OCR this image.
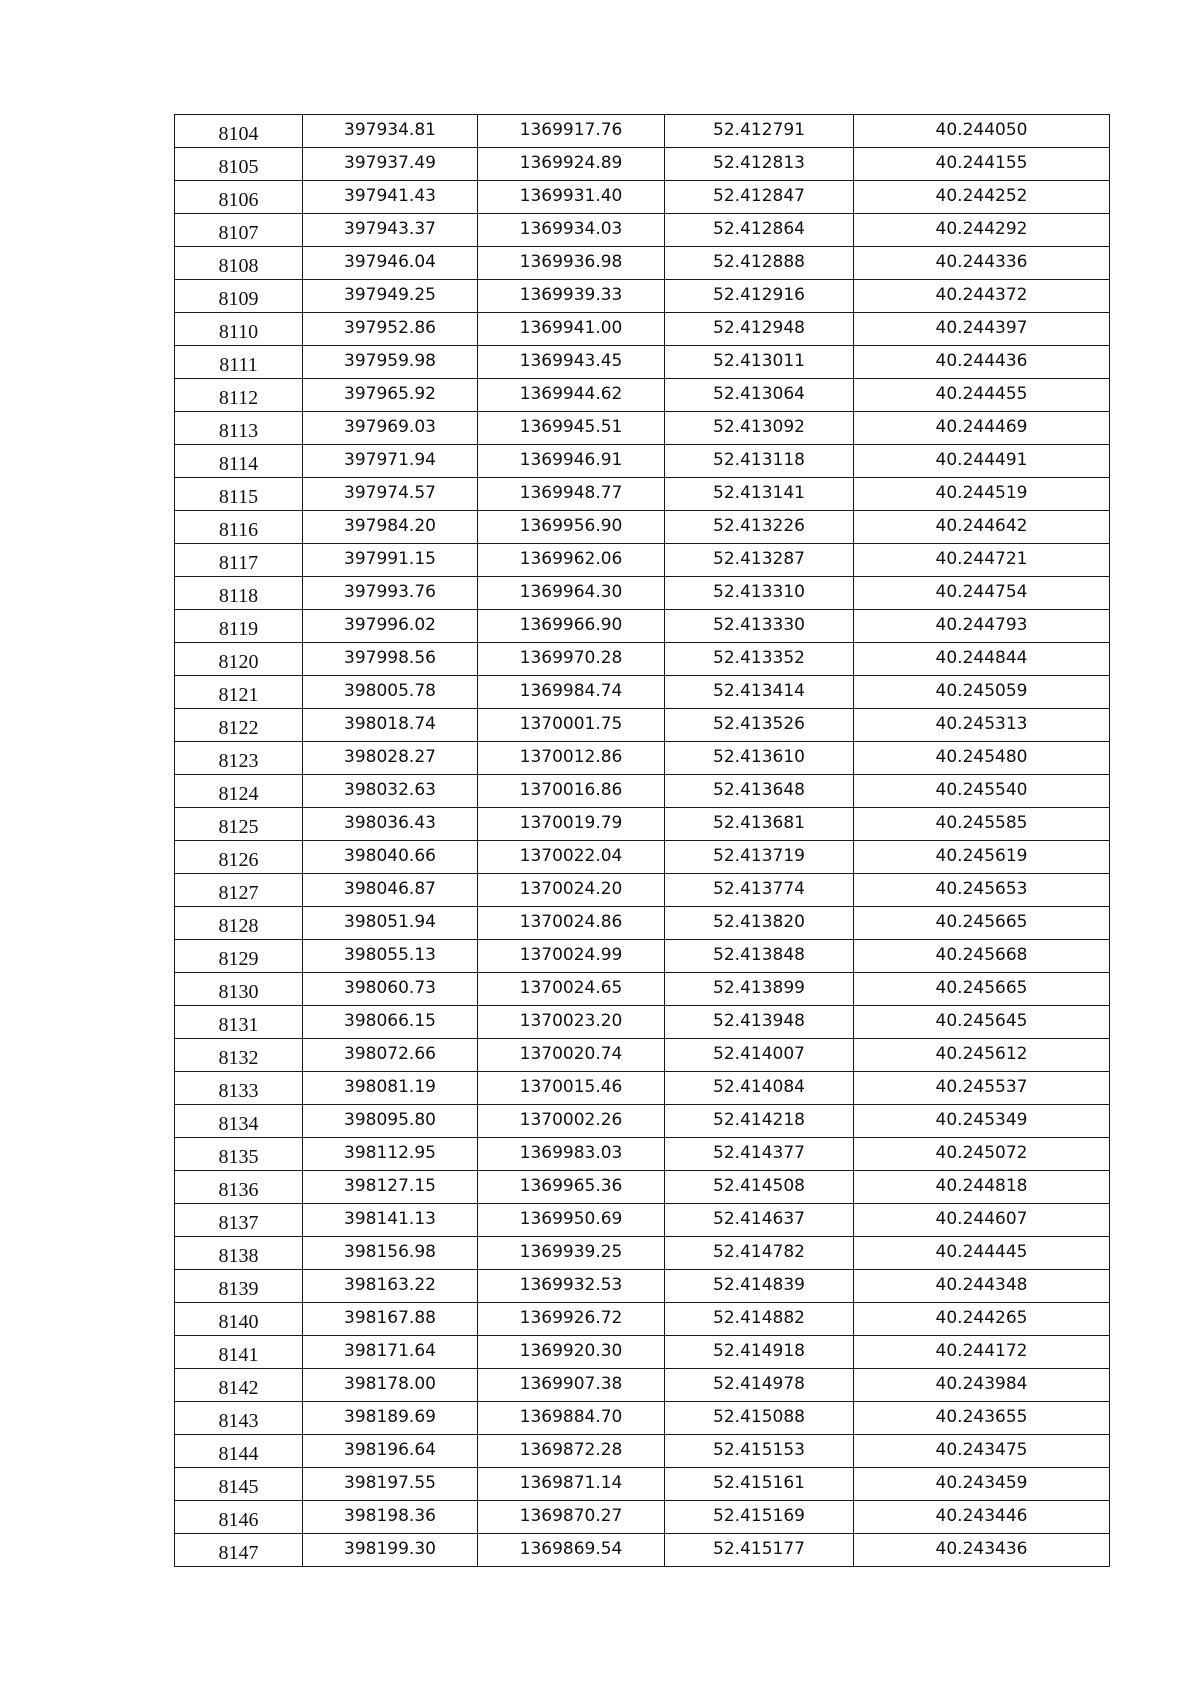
8104	397934.81	1369917.76	52.412791	40.244050
8105	397937.49	1369924.89	52.412813	40.244155
8106	397941.43	1369931.40	52.412847	40.244252
8107	397943.37	1369934.03	52.412864	40.244292
8108	397946.04	1369936.98	52.412888	40.244336
8109	397949.25	1369939.33	52.412916	40.244372
8110	397952.86	1369941.00	52.412948	40.244397
8111	397959.98	1369943.45	52.413011	40.244436
8112	397965.92	1369944.62	52.413064	40.244455
8113	397969.03	1369945.51	52.413092	40.244469
8114	397971.94	1369946.91	52.413118	40.244491
8115	397974.57	1369948.77	52.413141	40.244519
8116	397984.20	1369956.90	52.413226	40.244642
8117	397991.15	1369962.06	52.413287	40.244721
8118	397993.76	1369964.30	52.413310	40.244754
8119	397996.02	1369966.90	52.413330	40.244793
8120	397998.56	1369970.28	52.413352	40.244844
8121	398005.78	1369984.74	52.413414	40.245059
8122	398018.74	1370001.75	52.413526	40.245313
8123	398028.27	1370012.86	52.413610	40.245480
8124	398032.63	1370016.86	52.413648	40.245540
8125	398036.43	1370019.79	52.413681	40.245585
8126	398040.66	1370022.04	52.413719	40.245619
8127	398046.87	1370024.20	52.413774	40.245653
8128	398051.94	1370024.86	52.413820	40.245665
8129	398055.13	1370024.99	52.413848	40.245668
8130	398060.73	1370024.65	52.413899	40.245665
8131	398066.15	1370023.20	52.413948	40.245645
8132	398072.66	1370020.74	52.414007	40.245612
8133	398081.19	1370015.46	52.414084	40.245537
8134	398095.80	1370002.26	52.414218	40.245349
8135	398112.95	1369983.03	52.414377	40.245072
8136	398127.15	1369965.36	52.414508	40.244818
8137	398141.13	1369950.69	52.414637	40.244607
8138	398156.98	1369939.25	52.414782	40.244445
8139	398163.22	1369932.53	52.414839	40.244348
8140	398167.88	1369926.72	52.414882	40.244265
8141	398171.64	1369920.30	52.414918	40.244172
8142	398178.00	1369907.38	52.414978	40.243984
8143	398189.69	1369884.70	52.415088	40.243655
8144	398196.64	1369872.28	52.415153	40.243475
8145	398197.55	1369871.14	52.415161	40.243459
8146	398198.36	1369870.27	52.415169	40.243446
8147	398199.30	1369869.54	52.415177	40.243436
